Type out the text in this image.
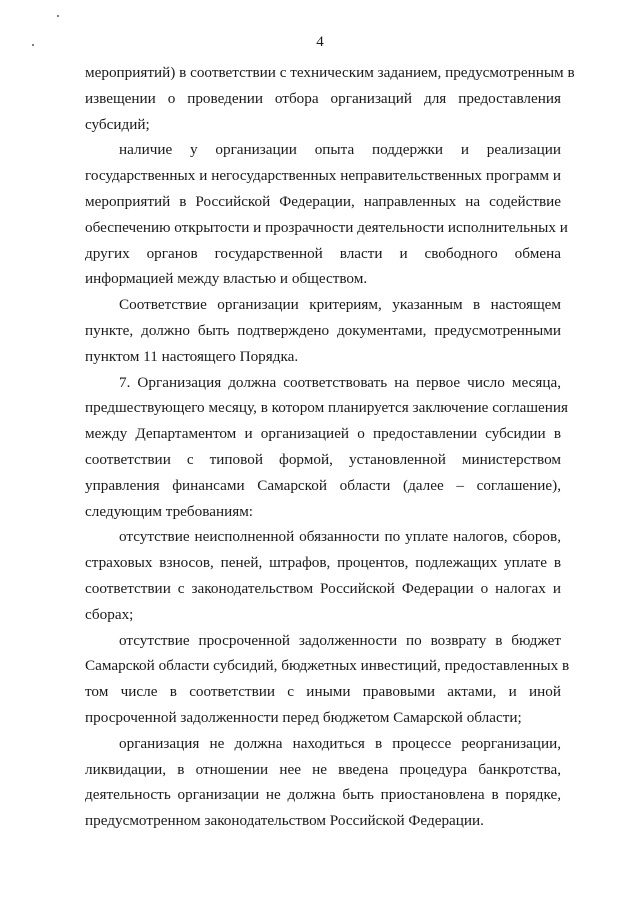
4

мероприятий) в соответствии с техническим заданием, предусмотренным в

извещении о проведении отбора организаций для предоставления

субсидий;

наличие у организации опыта поддержки и реализации

государственных и негосударственных неправительственных программ и

мероприятий в Российской Федерации, направленных на содействие

обеспечению открытости и прозрачности деятельности исполнительных и

других органов государственной власти и свободного обмена

информацией между властью и обществом.

Соответствие организации критериям, указанным в настоящем

пункте, должно быть подтверждено документами, предусмотренными

пунктом 11 настоящего Порядка.

7. Организация должна соответствовать на первое число месяца,

предшествующего месяцу, в котором планируется заключение соглашения

между Департаментом и организацией о предоставлении субсидии в

соответствии с типовой формой, установленной министерством

управления финансами Самарской области (далее – соглашение),

следующим требованиям:

отсутствие неисполненной обязанности по уплате налогов, сборов,

страховых взносов, пеней, штрафов, процентов, подлежащих уплате в

соответствии с законодательством Российской Федерации о налогах и

сборах;

отсутствие просроченной задолженности по возврату в бюджет

Самарской области субсидий, бюджетных инвестиций, предоставленных в

том числе в соответствии с иными правовыми актами, и иной

просроченной задолженности перед бюджетом Самарской области;

организация не должна находиться в процессе реорганизации,

ликвидации, в отношении нее не введена процедура банкротства,

деятельность организации не должна быть приостановлена в порядке,

предусмотренном законодательством Российской Федерации.
